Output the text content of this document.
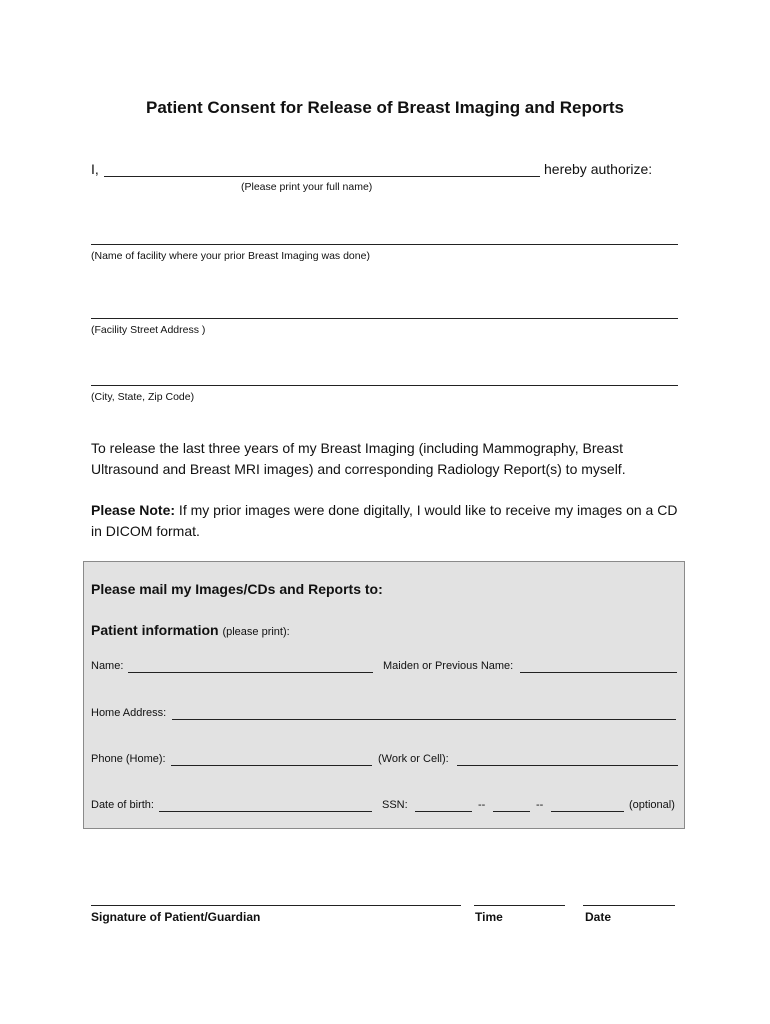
Patient Consent for Release of Breast Imaging and Reports
I,	hereby authorize:
(Please print your full name)
(Name of facility where your prior Breast Imaging was done)
(Facility Street Address )
(City, State, Zip Code)
To release the last three years of my Breast Imaging (including Mammography, Breast Ultrasound and Breast MRI images) and corresponding Radiology Report(s) to myself.
Please Note: If my prior images were done digitally, I would like to receive my images on a CD in DICOM format.
Please mail my Images/CDs and Reports to:
Patient information (please print):
Name:	Maiden or Previous Name:
Home Address:
Phone (Home):	(Work or Cell):
Date of birth:	SSN:	--	--	(optional)
Signature of Patient/Guardian	Time	Date
